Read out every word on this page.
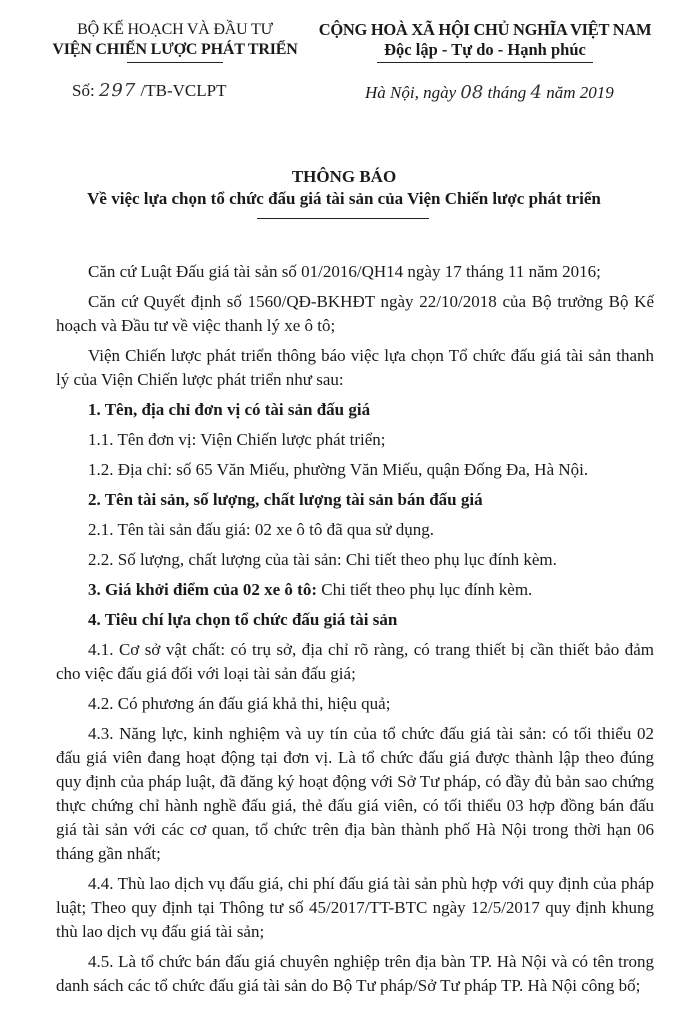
BỘ KẾ HOẠCH VÀ ĐẦU TƯ
VIỆN CHIẾN LƯỢC PHÁT TRIỂN
CỘNG HOÀ XÃ HỘI CHỦ NGHĨA VIỆT NAM
Độc lập - Tự do - Hạnh phúc
Số: 297 /TB-VCLPT	Hà Nội, ngày 08 tháng 4 năm 2019
THÔNG BÁO
Về việc lựa chọn tổ chức đấu giá tài sản của Viện Chiến lược phát triển

Căn cứ Luật Đấu giá tài sản số 01/2016/QH14 ngày 17 tháng 11 năm 2016;

Căn cứ Quyết định số 1560/QĐ-BKHĐT ngày 22/10/2018 của Bộ trưởng Bộ Kế hoạch và Đầu tư về việc thanh lý xe ô tô;

Viện Chiến lược phát triển thông báo việc lựa chọn Tổ chức đấu giá tài sản thanh lý của Viện Chiến lược phát triển như sau:

1. Tên, địa chỉ đơn vị có tài sản đấu giá

1.1. Tên đơn vị: Viện Chiến lược phát triển;

1.2. Địa chỉ: số 65 Văn Miếu, phường Văn Miếu, quận Đống Đa, Hà Nội.

2. Tên tài sản, số lượng, chất lượng tài sản bán đấu giá

2.1. Tên tài sản đấu giá: 02 xe ô tô đã qua sử dụng.

2.2. Số lượng, chất lượng của tài sản: Chi tiết theo phụ lục đính kèm.

3. Giá khởi điểm của 02 xe ô tô: Chi tiết theo phụ lục đính kèm.

4. Tiêu chí lựa chọn tổ chức đấu giá tài sản

4.1. Cơ sở vật chất: có trụ sở, địa chỉ rõ ràng, có trang thiết bị cần thiết bảo đảm cho việc đấu giá đối với loại tài sản đấu giá;

4.2. Có phương án đấu giá khả thi, hiệu quả;

4.3. Năng lực, kinh nghiệm và uy tín của tổ chức đấu giá tài sản: có tối thiểu 02 đấu giá viên đang hoạt động tại đơn vị. Là tổ chức đấu giá được thành lập theo đúng quy định của pháp luật, đã đăng ký hoạt động với Sở Tư pháp, có đầy đủ bản sao chứng thực chứng chỉ hành nghề đấu giá, thẻ đấu giá viên, có tối thiểu 03 hợp đồng bán đấu giá tài sản với các cơ quan, tổ chức trên địa bàn thành phố Hà Nội trong thời hạn 06 tháng gần nhất;

4.4. Thù lao dịch vụ đấu giá, chi phí đấu giá tài sản phù hợp với quy định của pháp luật; Theo quy định tại Thông tư số 45/2017/TT-BTC ngày 12/5/2017 quy định khung thù lao dịch vụ đấu giá tài sản;

4.5. Là tổ chức bán đấu giá chuyên nghiệp trên địa bàn TP. Hà Nội và có tên trong danh sách các tổ chức đấu giá tài sản do Bộ Tư pháp/Sở Tư pháp TP. Hà Nội công bố;
